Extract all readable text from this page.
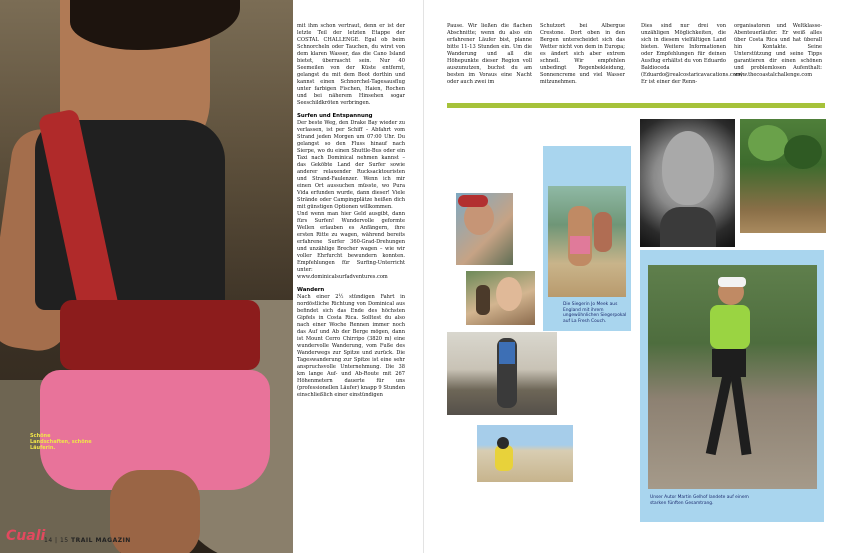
Schöne Landschaften, schöne Läuferin.
Cuali
14 | 15 TRAIL MAGAZIN

mit ihm schon vertraut, denn er ist der letzte Teil der letzten Etappe der COSTAL CHALLENGE. Egal ob beim Schnorcheln oder Tauchen, du wirst von dem klaren Wasser, das die Cano Island bietet, überrascht sein. Nur 40 Seemeilen von der Küste entfernt, gelangst du mit dem Boot dorthin und kannst einen Schnorchel-Tagesausflug unter farbigen Fischen, Haien, Rochen und bei näherem Hinsehen sogar Seeschildkröten verbringen.

Surfen und Entspannung

Der beste Weg, den Drake Bay wieder zu verlassen, ist per Schiff – Abfahrt vom Strand jeden Morgen um 07:00 Uhr. Du gelangst so den Fluss hinauf nach Sierpe, wo du einen Shuttle-Bus oder ein Taxi nach Dominical nehmen kannst – das Geköbte Land der Surfer sowie anderer relaxender Rucksacktouristen und Strand-Faulenzer. Wenn ich mir einen Ort aussuchen müsste, wo Pura Vida erfunden wurde, dann dieser! Viele Strände oder Campingplätze heißen dich mit günstigen Optionen willkommen.

Und wenn man hier Geld ausgibt, dann fürs Surfen! Wundervolle geformte Wellen erlauben es Anfängern, ihre ersten Ritte zu wagen, während bereits erfahrene Surfer 360-Grad-Drehungen und unzählige Brecher wagen – wie wir voller Ehrfurcht bewundern konnten. Empfehlungen für Surfing-Unterricht unter: www.dominicalsurfadventures.com

Wandern

Nach einer 2½ stündigen Fahrt in nordöstliche Richtung von Dominical aus befindet sich das Ende des höchsten Gipfels in Costa Rica. Solltest du also nach einer Woche Rennen immer noch das Auf und Ab der Berge mögen, dann ist Mount Cerro Chirripo (3820 m) eine wundervolle Wanderung, vom Fuße des Wanderwegs zur Spitze und zurück. Die Tageswanderung zur Spitze ist eine sehr anspruchsvolle Unternehmung. Die 38 km lange Auf- und Ab-Route mit 267 Höhenmetern dauerte für uns (professionellen Läufer) knapp 9 Stunden einschließlich einer einstündigen

Pause. Wir ließen die flachen Abschnitte; wenn du also ein erfahrener Läufer bist, planne bitte 11-13 Stunden ein. Um die Wanderung und all die Höhepunkte dieser Region voll auszunutzen, buchst du am besten im Voraus eine Nacht oder auch zwei im

Schutzort bei Albergue Crestone. Dort oben in den Bergen unterscheidet sich das Wetter nicht von dem in Europa; es ändert sich aber extrem schnell. Wir empfehlen unbedingt Regenbekleidung, Sonnencreme und viel Wasser mitzunehmen.

Dies sind nur drei von unzähligen Möglichkeiten, die sich in diesem vielfältigen Land bieten. Weitere Informationen oder Empfehlungen für deinen Ausflug erhältst du von Eduardo Baldioceda (Eduardo@realcostaricavacations.com). Er ist einer der Renn-

organisatoren und Weltklasse-Abenteuerläufer. Er weiß alles über Costa Rica und hat überall hin Kontakte. Seine Unterstützung und seine Tipps garantieren dir einen schönen und problemlosen Aufenthalt: www.thecoastalchallenge.com

Die Siegerin Jo Meek aus England mit ihrem ungewöhnlichen Siegerpokal auf La Fresh Couch.
Unser Autor Martin Gelhof landete auf einem starken fünften Gesamtrang.
